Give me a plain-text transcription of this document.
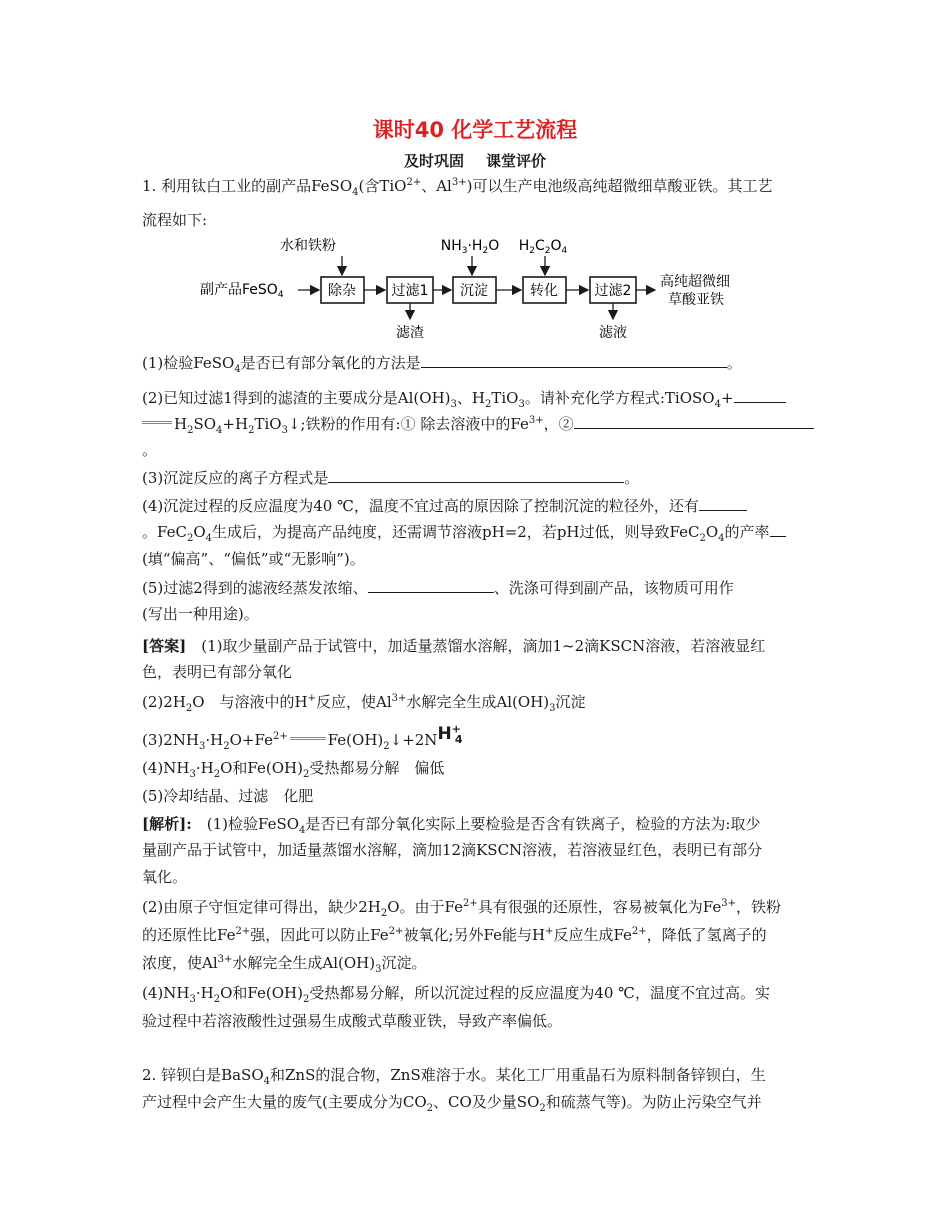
课时40 化学工艺流程
及时巩固 课堂评价
1. 利用钛白工业的副产品FeSO$_4$(含TiO$^{2+}$、$Al^{3+}$)可以生产电池级高纯超微细草酸亚铁。其工艺
流程如下:
水和铁粉	$NH_3\cdot H_2O$ $H_2C_2O_4$
副产品FeSO$_4$	除杂	过滤1 沉淀	转化	过滤2
高纯超微细
草酸亚铁
滤渣	滤液
(1)检验FeSO$_4$是否已有部分氧化的方法是	。
(2)已知过滤1得到的滤渣的主要成分是$Al(OH)_3$、$H_2TiO_3$。请补充化学方程式:TiOSO$_4$+
$H_2SO_4+H_2TiO_3↓$;铁粉的作用有:① 除去溶液中的$Fe^{3+}$，②
。
(3)沉淀反应的离子方程式是	。
(4)沉淀过程的反应温度为40 ℃，温度不宜过高的原因除了控制沉淀的粒径外，还有
。$FeC_2O_4$生成后，为提高产品纯度，还需调节溶液pH=2，若pH过低，则导致$FeC_2O_4$的产率
(填“偏高”、“偏低”或“无影响”)。
(5)过滤2得到的滤液经蒸发浓缩、	、洗涤可得到副产品，该物质可用作
(写出一种用途)。
[答案]　 (1)取少量副产品于试管中，加适量蒸馏水溶解，滴加1~2滴KSCN溶液，若溶液显红
色，表明已有部分氧化
$(2)2H_2O$　与溶液中的H+反应，使$Al^{3+}$水解完全生成$Al(OH)_3$沉淀
$(3)2NH_3\cdot H_2O+Fe^{2+}$	$Fe(OH)_2↓+2NH^+_4$
$(4)NH_3\cdot H_2O$和$Fe(OH)_2$受热都易分解　偏低
(5)冷却结晶、过滤　化肥
[解析]:　 (1)检验FeSO$_4$是否已有部分氧化实际上要检验是否含有铁离子，检验的方法为:取少
量副产品于试管中，加适量蒸馏水溶解，滴加12滴KSCN溶液，若溶液显红色，表明已有部分
氧化。
(2)由原子守恒定律可得出，缺少$2H_2O$。由于$Fe^{2+}$具有很强的还原性，容易被氧化为$Fe^{3+}$，铁粉
的还原性比$Fe^{2+}$强，因此可以防止$Fe^{2+}$被氧化;另外Fe能与H+反应生成$Fe^{2+}$，降低了氢离子的
浓度，使$Al^{3+}$水解完全生成$Al(OH)_3$沉淀。
$(4)NH_3\cdot H_2O$和$Fe(OH)_2$受热都易分解，所以沉淀过程的反应温度为40 ℃，温度不宜过高。实
验过程中若溶液酸性过强易生成酸式草酸亚铁，导致产率偏低。
2. 锌钡白是BaSO$_4$和ZnS的混合物，ZnS难溶于水。某化工厂用重晶石为原料制备锌钡白，生
产过程中会产生大量的废气(主要成分为$CO_2$、CO及少量$SO_2$和硫蒸气等)。为防止污染空气并
